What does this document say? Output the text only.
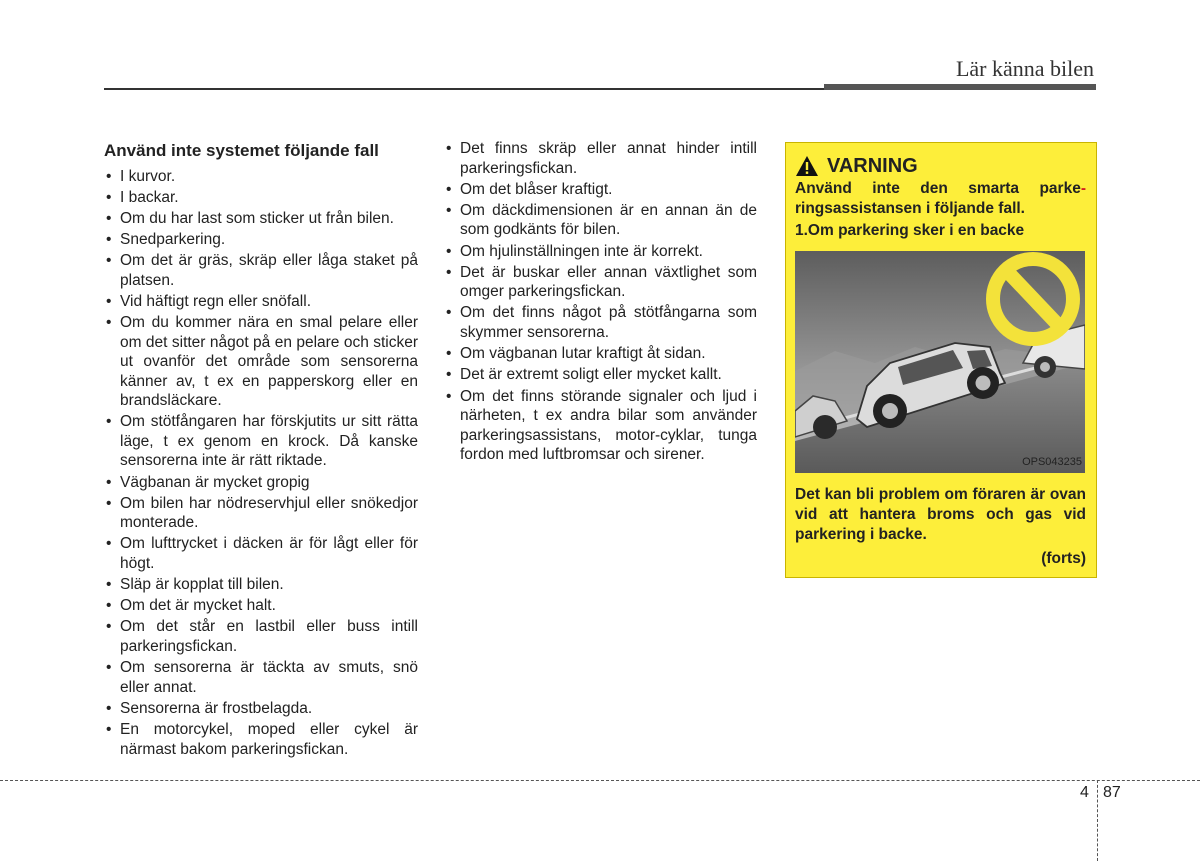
Lär känna bilen
Använd inte systemet följande fall
• I kurvor.
• I backar.
• Om du har last som sticker ut från bilen.
• Snedparkering.
• Om det är gräs, skräp eller låga staket på platsen.
• Vid häftigt regn eller snöfall.
• Om du kommer nära en smal pelare eller om det sitter något på en pelare och sticker ut ovanför det område som sensorerna känner av, t ex en papperskorg eller en brandsläckare.
• Om stötfångaren har förskjutits ur sitt rätta läge, t ex genom en krock. Då kanske sensorerna inte är rätt riktade.
• Vägbanan är mycket gropig
• Om bilen har nödreservhjul eller snökedjor monterade.
• Om lufttrycket i däcken är för lågt eller för högt.
• Släp är kopplat till bilen.
• Om det är mycket halt.
• Om det står en lastbil eller buss intill parkeringsfickan.
• Om sensorerna är täckta av smuts, snö eller annat.
• Sensorerna är frostbelagda.
• En motorcykel, moped eller cykel är närmast bakom parkeringsfickan.
• Det finns skräp eller annat hinder intill parkeringsfickan.
• Om det blåser kraftigt.
• Om däckdimensionen är en annan än de som godkänts för bilen.
• Om hjulinställningen inte är korrekt.
• Det är buskar eller annan växtlighet som omger parkeringsfickan.
• Om det finns något på stötfångarna som skymmer sensorerna.
• Om vägbanan lutar kraftigt åt sidan.
• Det är extremt soligt eller mycket kallt.
• Om det finns störande signaler och ljud i närheten, t ex andra bilar som använder parkeringsassistans, motor-cyklar, tunga fordon med luftbromsar och sirener.
VARNING
Använd inte den smarta parke- ringsassistansen i följande fall.
1.Om parkering sker i en backe
OPS043235
Det kan bli problem om föraren är ovan vid att hantera broms och gas vid parkering i backe.
(forts)
4 87
